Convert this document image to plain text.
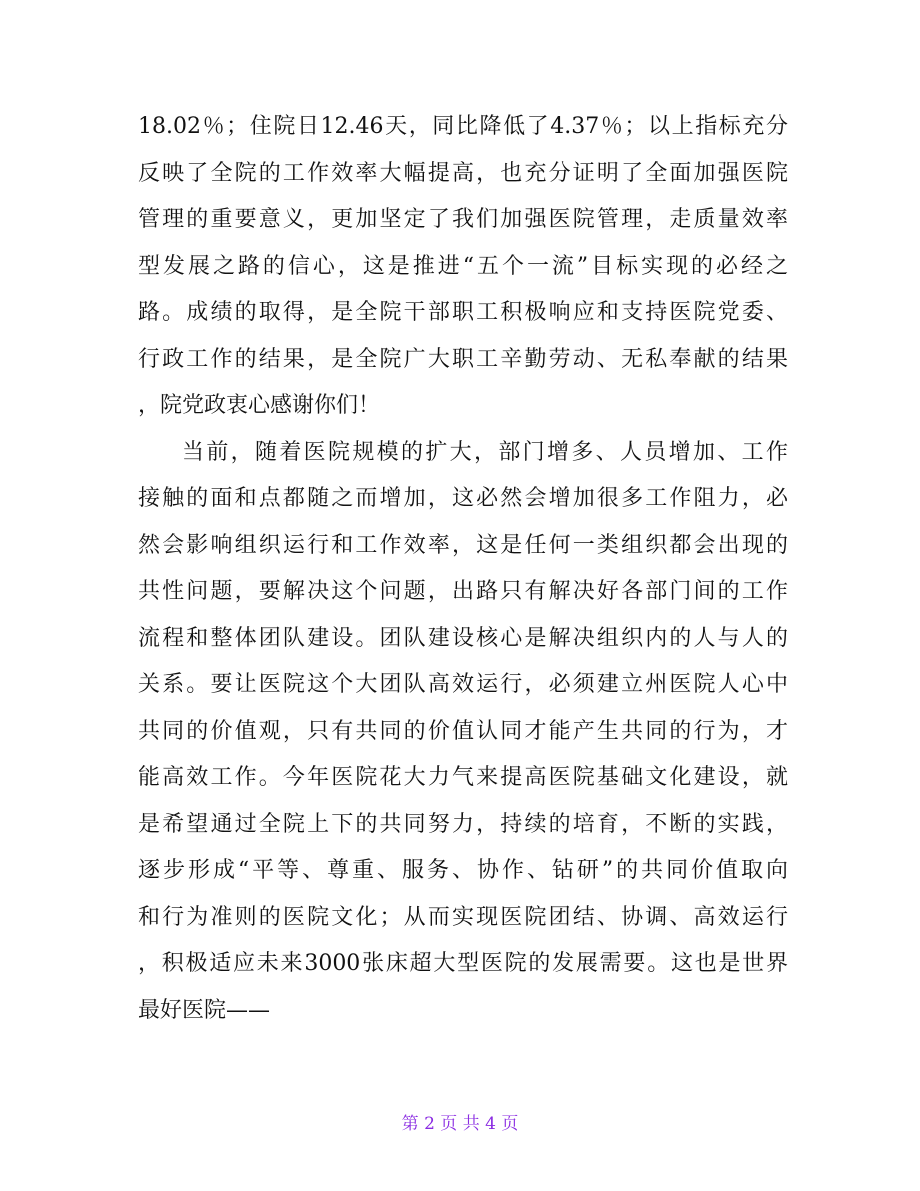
18.02％；住院日12.46天，同比降低了4.37％；以上指标充分
反映了全院的工作效率大幅提高，也充分证明了全面加强医院
管理的重要意义，更加坚定了我们加强医院管理，走质量效率
型发展之路的信心，这是推进“五个一流”目标实现的必经之
路。成绩的取得，是全院干部职工积极响应和支持医院党委、
行政工作的结果，是全院广大职工辛勤劳动、无私奉献的结果
，院党政衷心感谢你们！
当前，随着医院规模的扩大，部门增多、人员增加、工作
接触的面和点都随之而增加，这必然会增加很多工作阻力，必
然会影响组织运行和工作效率，这是任何一类组织都会出现的
共性问题，要解决这个问题，出路只有解决好各部门间的工作
流程和整体团队建设。团队建设核心是解决组织内的人与人的
关系。要让医院这个大团队高效运行，必须建立州医院人心中
共同的价值观，只有共同的价值认同才能产生共同的行为，才
能高效工作。今年医院花大力气来提高医院基础文化建设，就
是希望通过全院上下的共同努力，持续的培育，不断的实践，
逐步形成“平等、尊重、服务、协作、钻研”的共同价值取向
和行为准则的医院文化；从而实现医院团结、协调、高效运行
，积极适应未来3000张床超大型医院的发展需要。这也是世界
最好医院——
第 2 页 共 4 页
